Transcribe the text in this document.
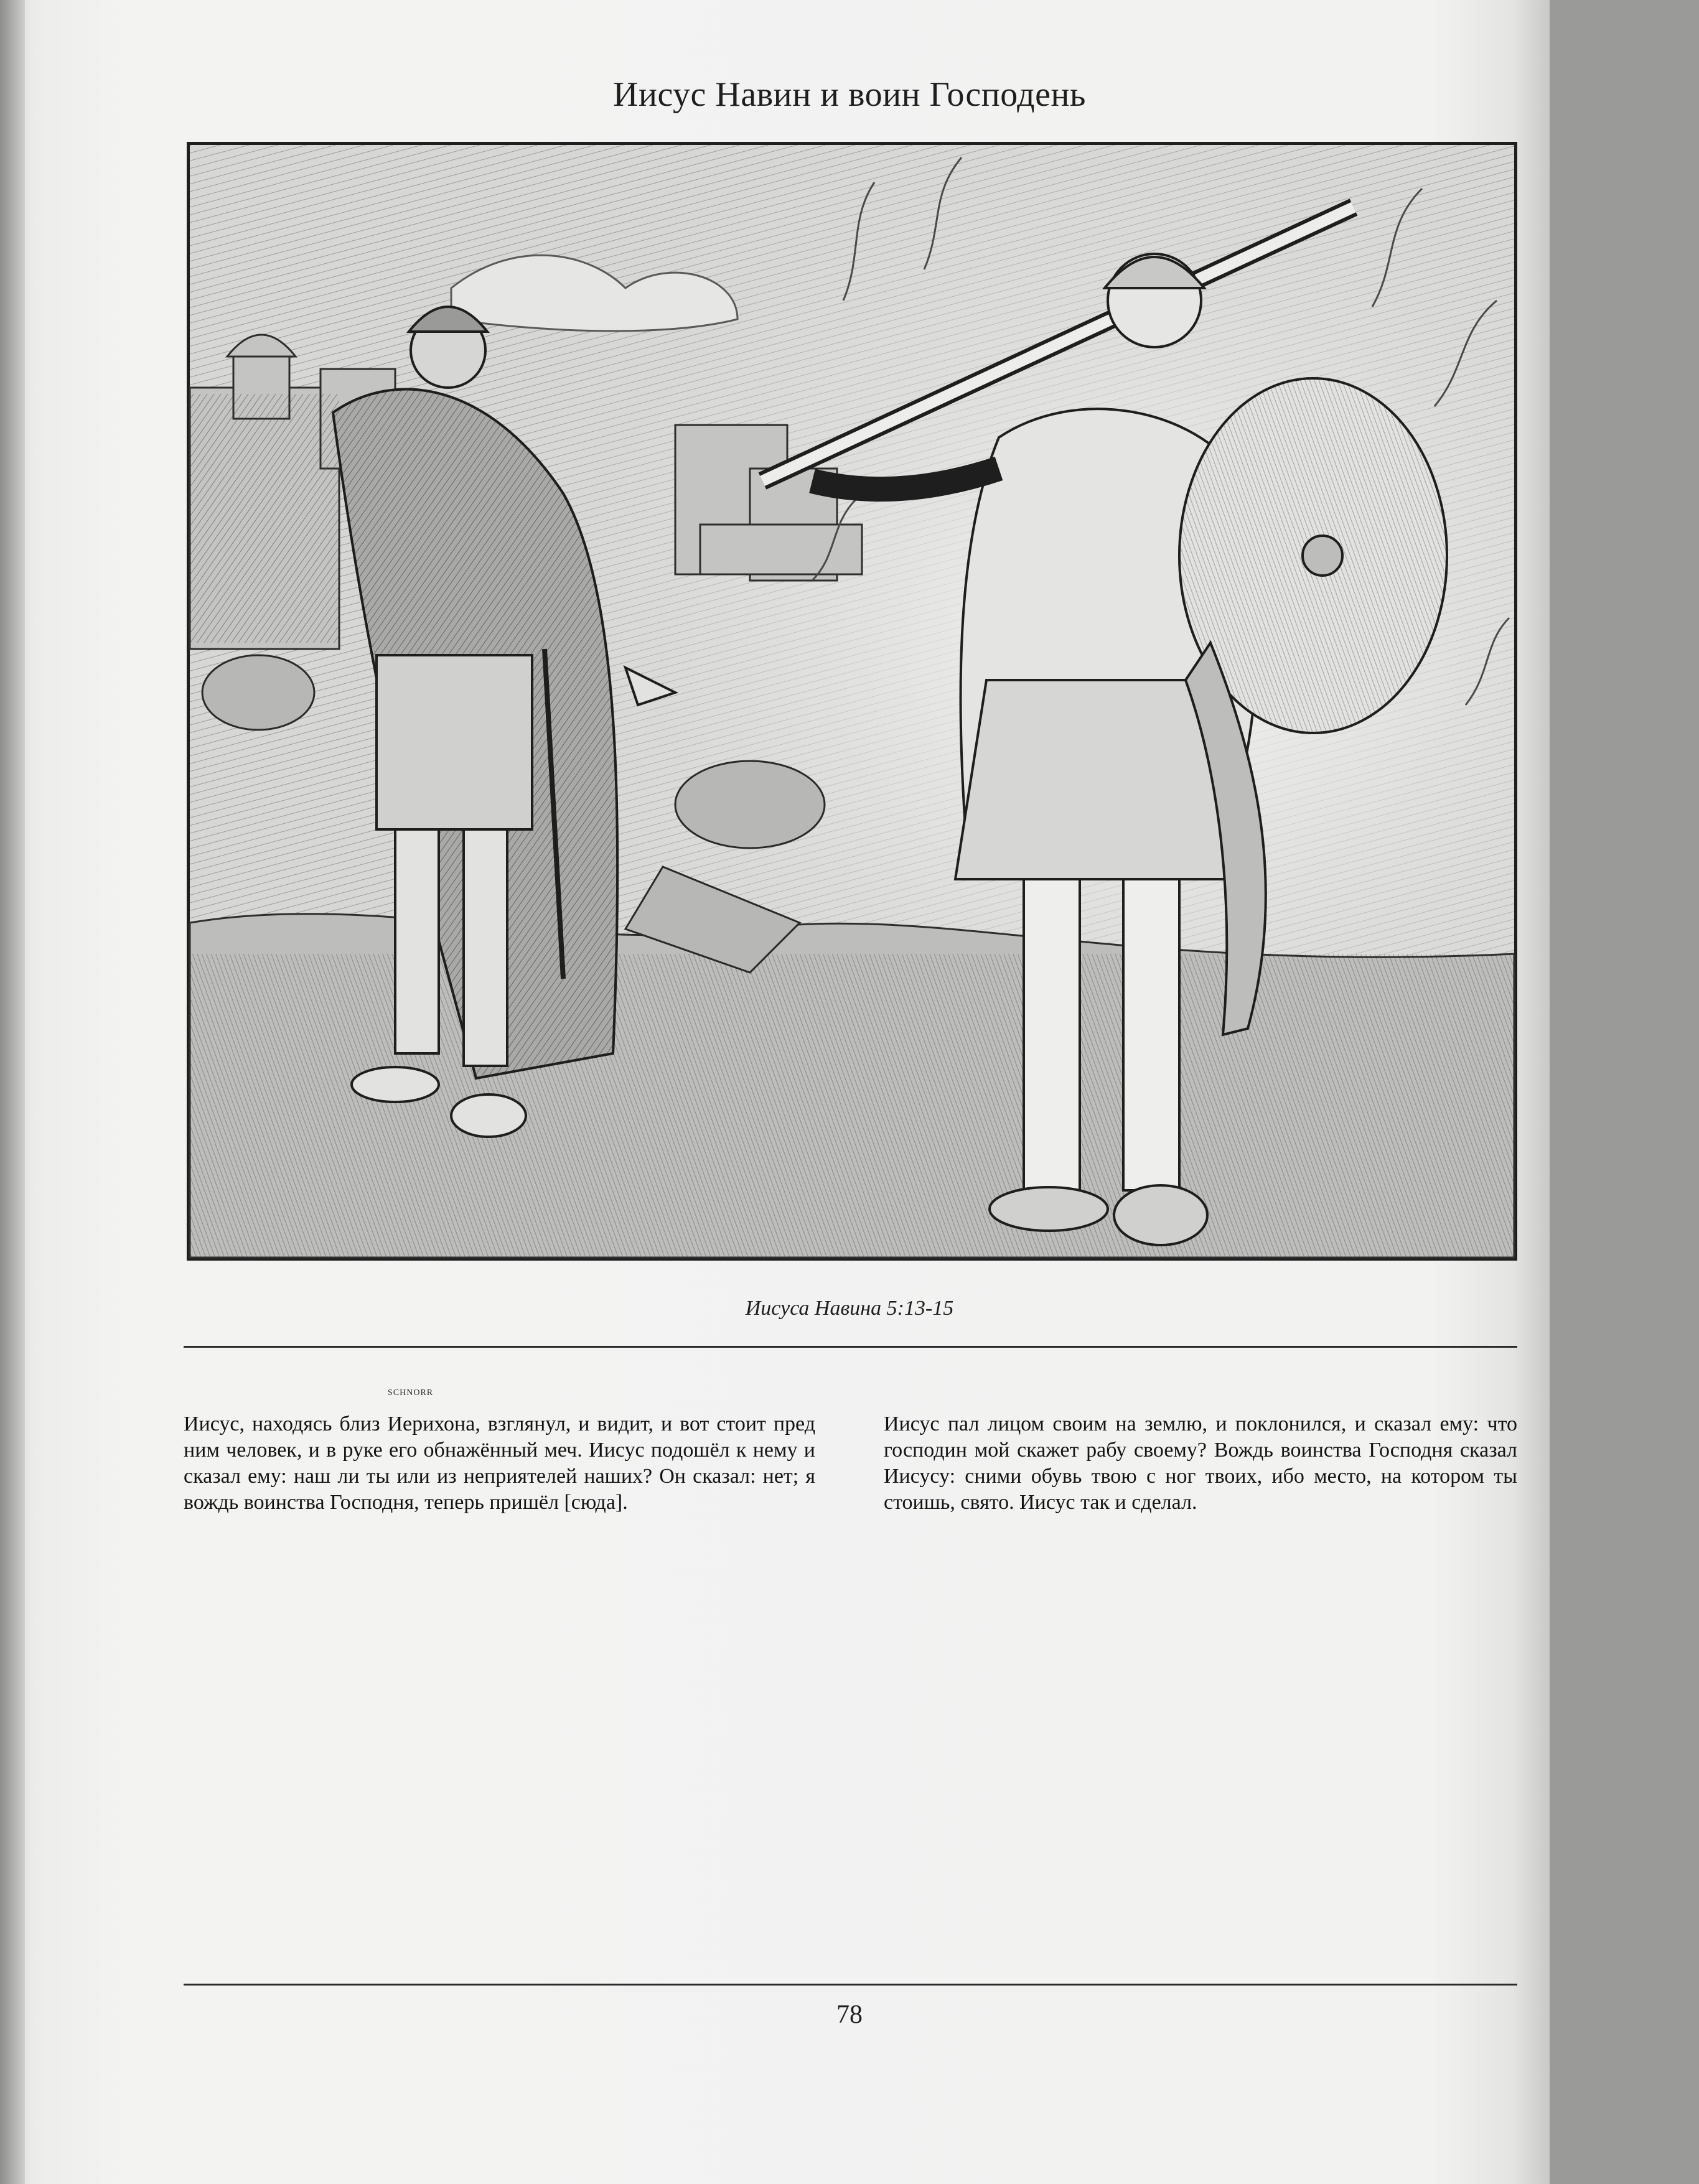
Иисус Навин и воин Господень
SCHNORR
Иисуса Навина 5:13-15
Иисус, находясь близ Иерихона, взглянул, и видит, и вот стоит пред ним человек, и в руке его обнажённый меч. Иисус подошёл к нему и сказал ему: наш ли ты или из неприятелей наших? Он сказал: нет; я вождь воинства Господня, теперь пришёл [сюда].
Иисус пал лицом своим на землю, и поклонился, и сказал ему: что господин мой скажет рабу своему? Вождь воинства Господня сказал Иисусу: сними обувь твою с ног твоих, ибо место, на котором ты стоишь, свято. Иисус так и сделал.
78
